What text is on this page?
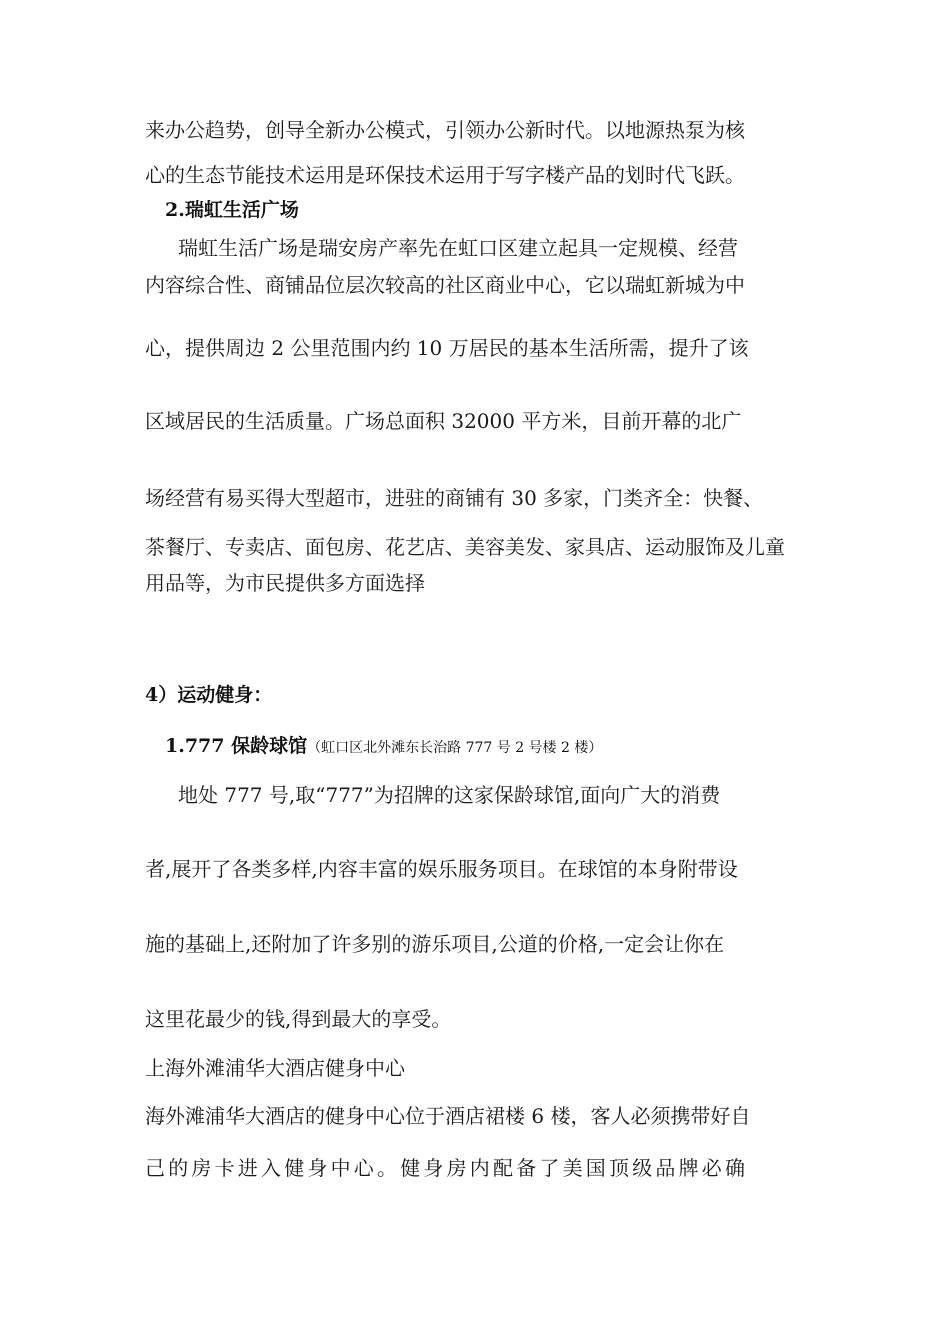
来办公趋势，创导全新办公模式，引领办公新时代。以地源热泵为核

心的生态节能技术运用是环保技术运用于写字楼产品的划时代飞跃。

2.瑞虹生活广场

瑞虹生活广场是瑞安房产率先在虹口区建立起具一定规模、经营

内容综合性、商铺品位层次较高的社区商业中心，它以瑞虹新城为中

心，提供周边 2 公里范围内约 10 万居民的基本生活所需，提升了该

区域居民的生活质量。广场总面积 32000 平方米，目前开幕的北广

场经营有易买得大型超市，进驻的商铺有 30 多家，门类齐全：快餐、

茶餐厅、专卖店、面包房、花艺店、美容美发、家具店、运动服饰及儿童

用品等，为市民提供多方面选择

4）运动健身：

1.777 保龄球馆（虹口区北外滩东长治路 777 号 2 号楼 2 楼）

地处 777 号,取“777”为招牌的这家保龄球馆,面向广大的消费

者,展开了各类多样,内容丰富的娱乐服务项目。在球馆的本身附带设

施的基础上,还附加了许多别的游乐项目,公道的价格,一定会让你在

这里花最少的钱,得到最大的享受。

上海外滩浦华大酒店健身中心

海外滩浦华大酒店的健身中心位于酒店裙楼 6 楼，客人必须携带好自

己的房卡进入健身中心。健身房内配备了美国顶级品牌必确
